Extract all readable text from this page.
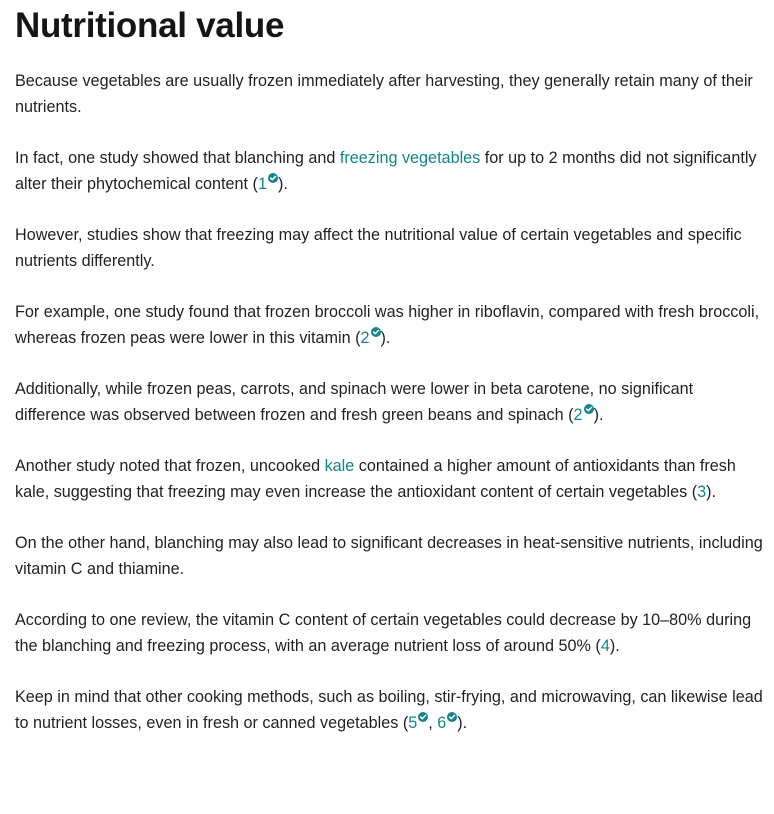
Nutritional value

Because vegetables are usually frozen immediately after harvesting, they generally retain many of their nutrients.

In fact, one study showed that blanching and freezing vegetables for up to 2 months did not significantly alter their phytochemical content (1 ).

However, studies show that freezing may affect the nutritional value of certain vegetables and specific nutrients differently.

For example, one study found that frozen broccoli was higher in riboflavin, compared with fresh broccoli, whereas frozen peas were lower in this vitamin (2 ).

Additionally, while frozen peas, carrots, and spinach were lower in beta carotene, no significant difference was observed between frozen and fresh green beans and spinach (2 ).

Another study noted that frozen, uncooked kale contained a higher amount of antioxidants than fresh kale, suggesting that freezing may even increase the antioxidant content of certain vegetables (3).

On the other hand, blanching may also lead to significant decreases in heat-sensitive nutrients, including vitamin C and thiamine.

According to one review, the vitamin C content of certain vegetables could decrease by 10–80% during the blanching and freezing process, with an average nutrient loss of around 50% (4).

Keep in mind that other cooking methods, such as boiling, stir-frying, and microwaving, can likewise lead to nutrient losses, even in fresh or canned vegetables (5 , 6 ).
